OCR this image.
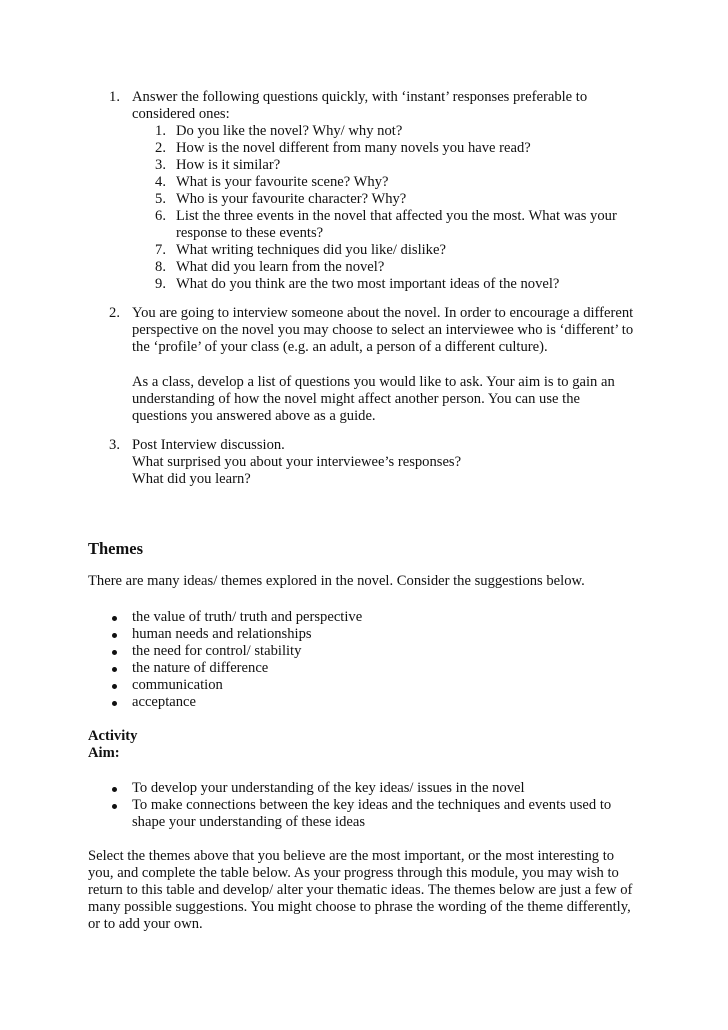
1. Answer the following questions quickly, with ‘instant’ responses preferable to
considered ones:
1. Do you like the novel? Why/ why not?
2. How is the novel different from many novels you have read?
3. How is it similar?
4. What is your favourite scene? Why?
5. Who is your favourite character? Why?
6. List the three events in the novel that affected you the most. What was your
response to these events?
7. What writing techniques did you like/ dislike?
8. What did you learn from the novel?
9. What do you think are the two most important ideas of the novel?
2. You are going to interview someone about the novel. In order to encourage a different
perspective on the novel you may choose to select an interviewee who is ‘different’ to
the ‘profile’ of your class (e.g. an adult, a person of a different culture).
As a class, develop a list of questions you would like to ask. Your aim is to gain an
understanding of how the novel might affect another person. You can use the
questions you answered above as a guide.
3. Post Interview discussion.
What surprised you about your interviewee’s responses?
What did you learn?
Themes
There are many ideas/ themes explored in the novel. Consider the suggestions below.
the value of truth/ truth and perspective
human needs and relationships
the need for control/ stability
the nature of difference
communication
acceptance
Activity
Aim:
To develop your understanding of the key ideas/ issues in the novel
To make connections between the key ideas and the techniques and events used to
shape your understanding of these ideas
Select the themes above that you believe are the most important, or the most interesting to
you, and complete the table below. As your progress through this module, you may wish to
return to this table and develop/ alter your thematic ideas. The themes below are just a few of
many possible suggestions. You might choose to phrase the wording of the theme differently,
or to add your own.
